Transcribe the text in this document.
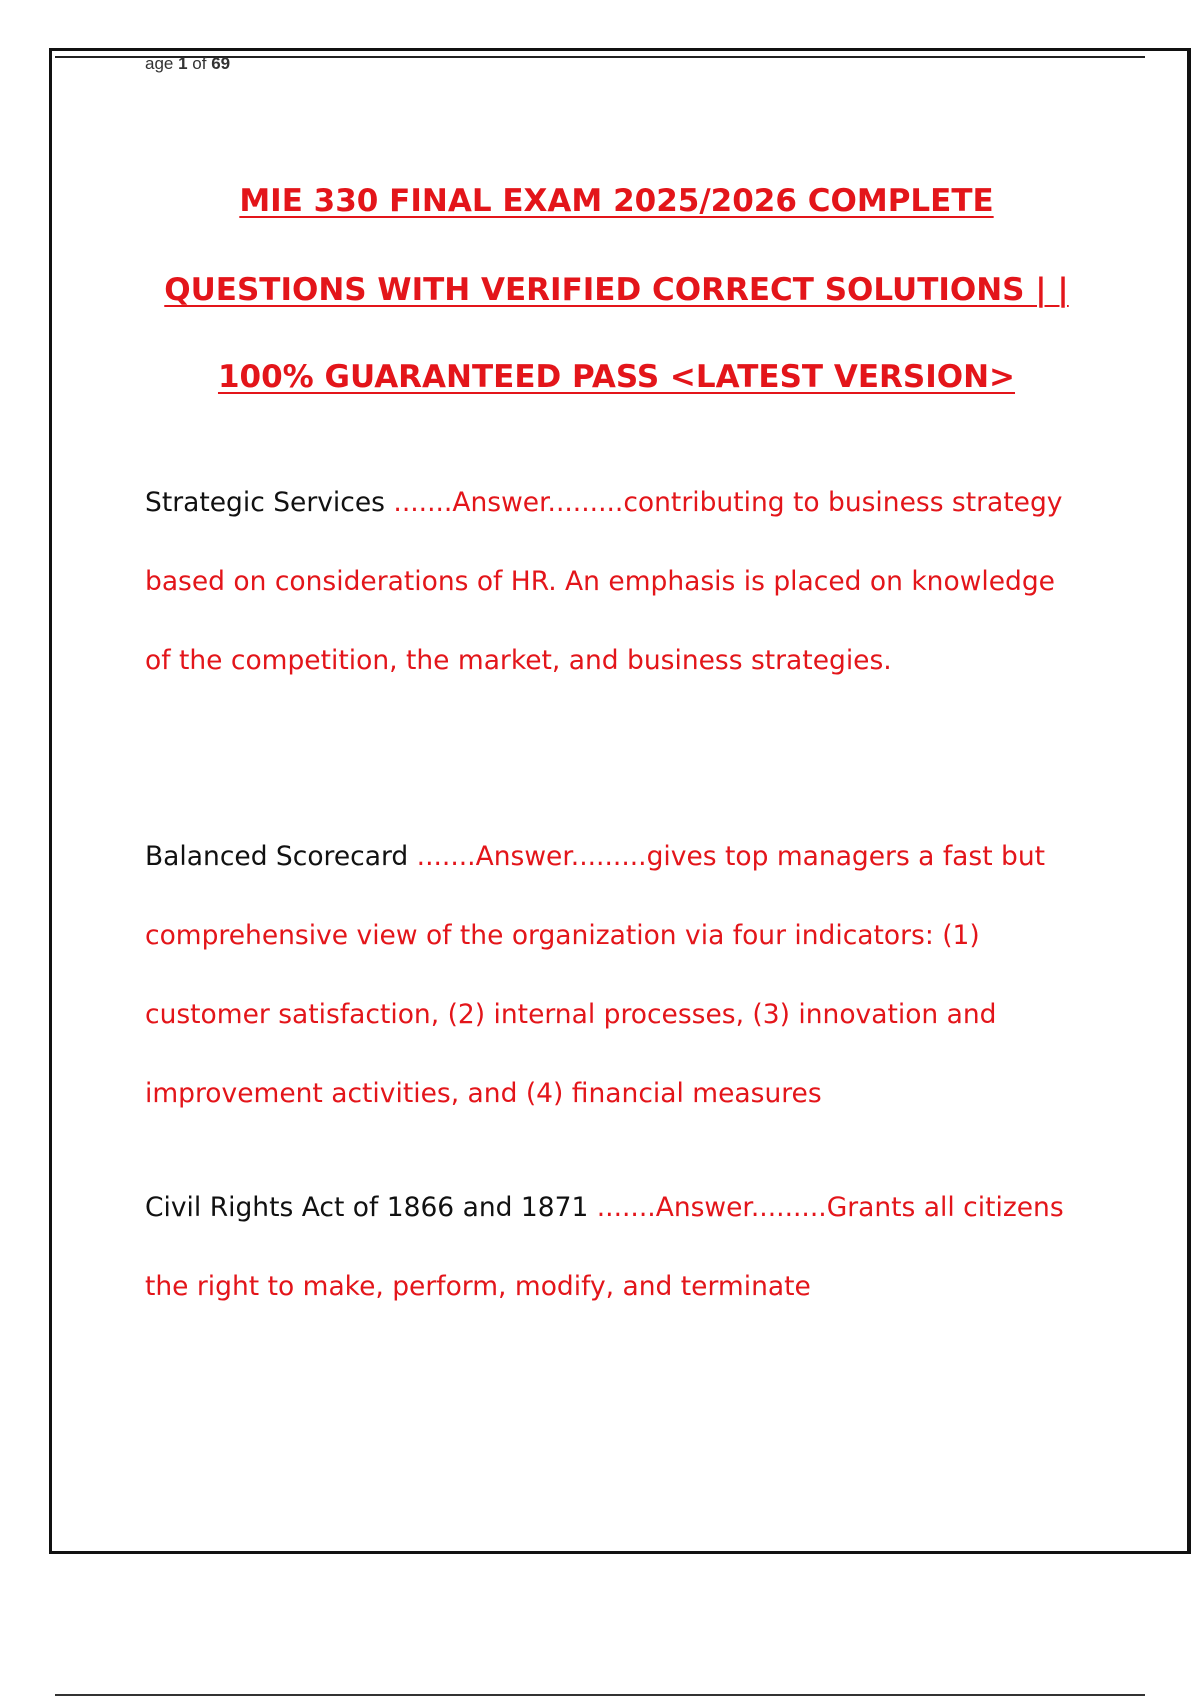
age 1 of 69
MIE 330 FINAL EXAM 2025/2026 COMPLETE
QUESTIONS WITH VERIFIED CORRECT SOLUTIONS | |
100% GUARANTEED PASS <LATEST VERSION>
Strategic Services .......Answer.........contributing to business strategy based on considerations of HR. An emphasis is placed on knowledge of the competition, the market, and business strategies.
Balanced Scorecard .......Answer.........gives top managers a fast but comprehensive view of the organization via four indicators: (1) customer satisfaction, (2) internal processes, (3) innovation and improvement activities, and (4) financial measures
Civil Rights Act of 1866 and 1871 .......Answer.........Grants all citizens the right to make, perform, modify, and terminate
